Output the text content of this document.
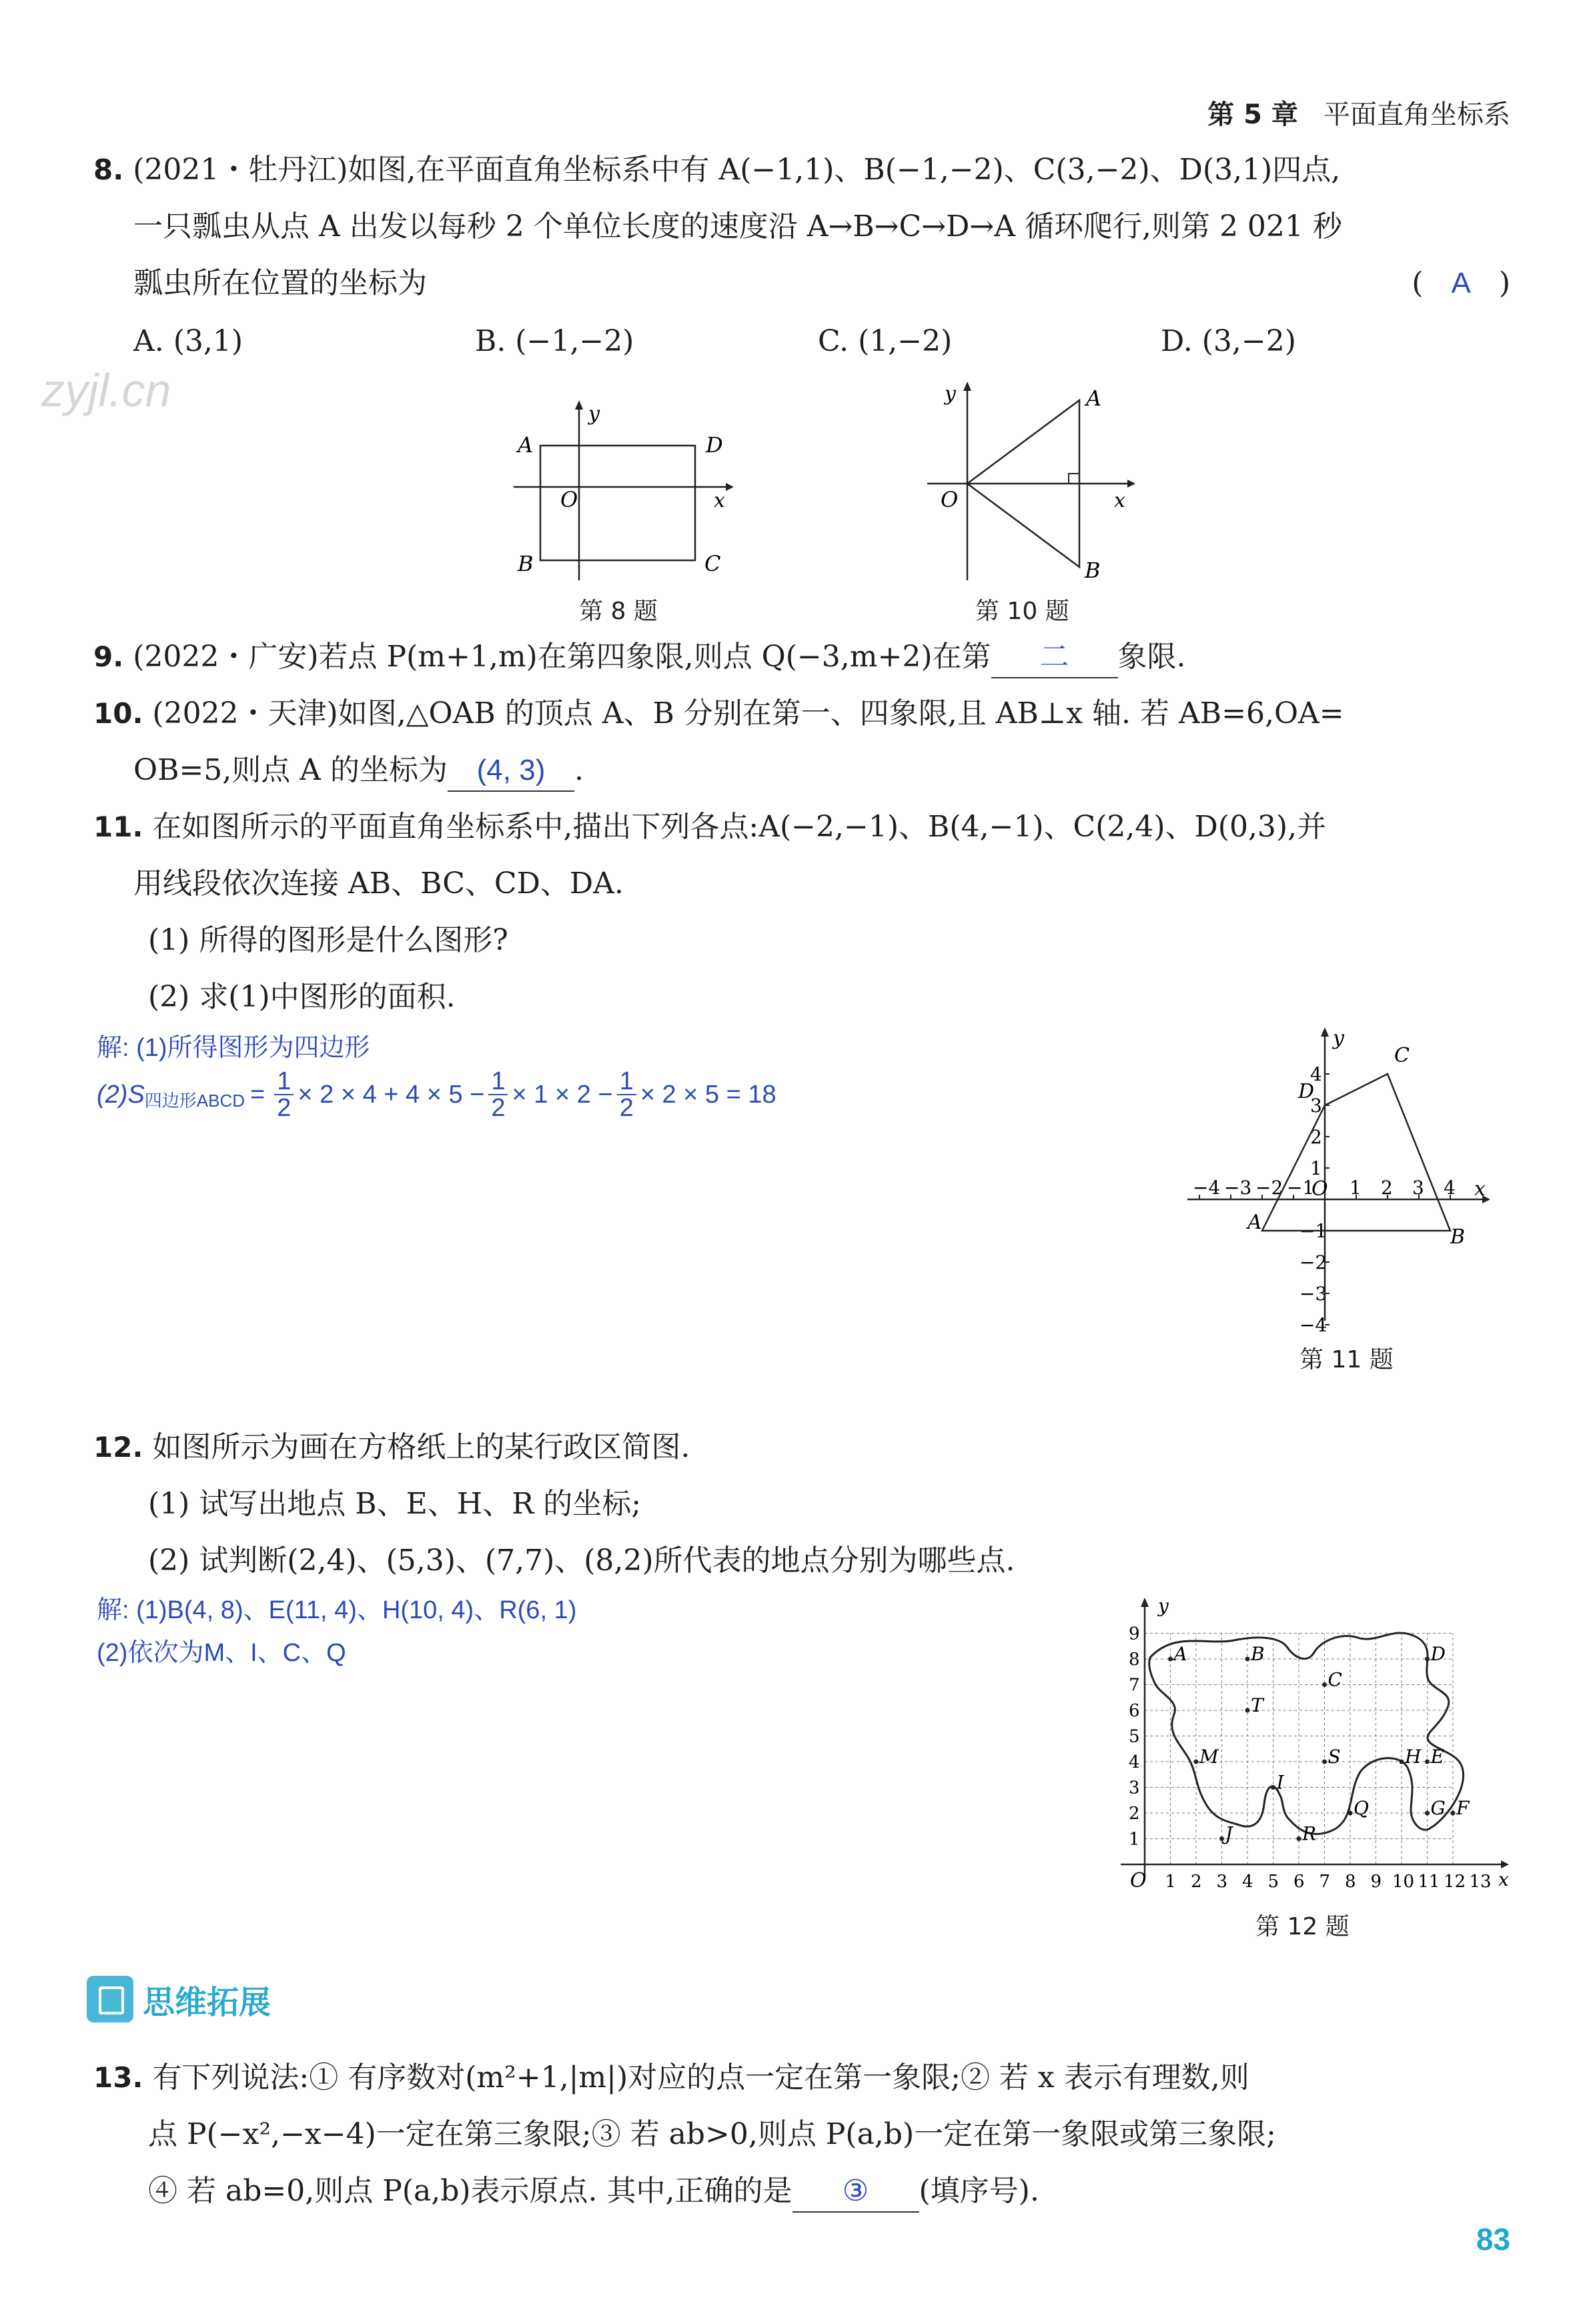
第 5 章 平面直角坐标系
zyjl.cn
8. (2021・牡丹江)如图,在平面直角坐标系中有 A(−1,1)、B(−1,−2)、C(3,−2)、D(3,1)四点,
一只瓢虫从点 A 出发以每秒 2 个单位长度的速度沿 A→B→C→D→A 循环爬行,则第 2 021 秒
瓢虫所在位置的坐标为	( A )
A. (3,1)	B. (−1,−2)	C. (1,−2)	D. (3,−2)
y
x
O
A	D
B	C
第 8 题
y
x
O
A
B
第 10 题
9. (2022・广安)若点 P(m+1,m)在第四象限,则点 Q(−3,m+2)在第 二 象限.
10. (2022・天津)如图,△OAB 的顶点 A、B 分别在第一、四象限,且 AB⊥x 轴. 若 AB=6,OA=
OB=5,则点 A 的坐标为 (4, 3) .
11. 在如图所示的平面直角坐标系中,描出下列各点:A(−2,−1)、B(4,−1)、C(2,4)、D(0,3),并
用线段依次连接 AB、BC、CD、DA.
(1) 所得的图形是什么图形?
(2) 求(1)中图形的面积.
解: (1)所得图形为四边形
(2)S 四边形ABCD = $\frac{1}{2} \times 2 \times 4 + 4 \times 5 - \frac{1}{2} \times 1 \times 2 - \frac{1}{2} \times 2 \times 5 = 18$
−4 −3 −2 −1 1 2 3 4
4
3
2
1
−1
−2
−3
−4
y
x
O
A
B
C
D
第 11 题
12. 如图所示为画在方格纸上的某行政区简图.
(1) 试写出地点 B、E、H、R 的坐标;
(2) 试判断(2,4)、(5,3)、(7,7)、(8,2)所代表的地点分别为哪些点.
解: (1)B(4, 8)、E(11, 4)、H(10, 4)、R(6, 1)
(2)依次为M、I、C、Q
1 2 3 4 5 6 7 8 9 10 11 12 13
1
2
3
4
5
6
7
8
9
A	B
C
D
T
M	S	H E
I
J	R
Q	G F
y
x
O
第 12 题
思维拓展
13. 有下列说法:① 有序数对(m²+1,|m|)对应的点一定在第一象限;② 若 x 表示有理数,则
点 P(−x²,−x−4)一定在第三象限;③ 若 ab>0,则点 P(a,b)一定在第一象限或第三象限;
④ 若 ab=0,则点 P(a,b)表示原点. 其中,正确的是 ③ (填序号).
83
